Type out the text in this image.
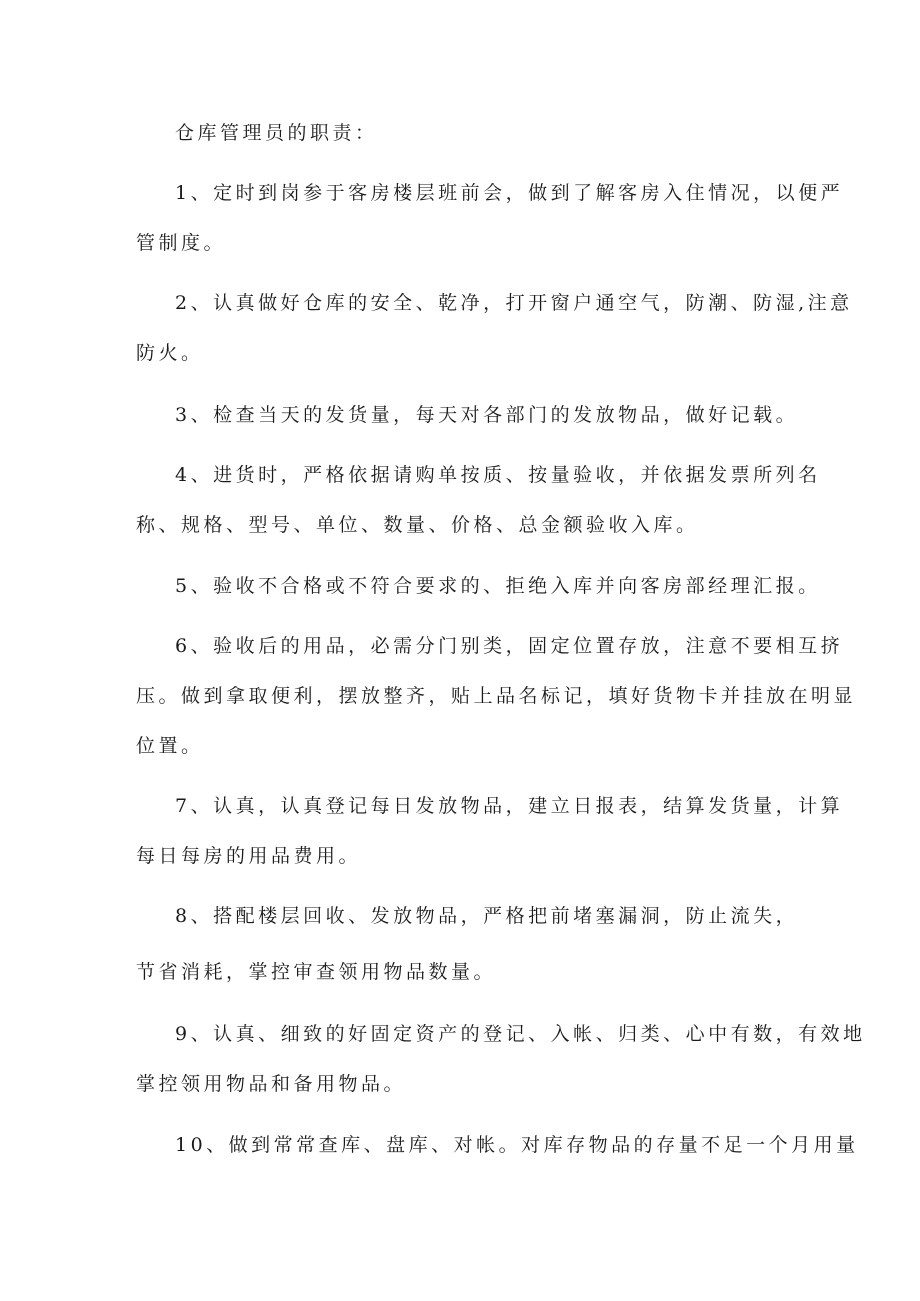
仓库管理员的职责：
1、定时到岗参于客房楼层班前会，做到了解客房入住情况，以便严
管制度。
2、认真做好仓库的安全、乾净，打开窗户通空气，防潮、防湿,注意
防火。
3、检查当天的发货量，每天对各部门的发放物品，做好记载。
4、进货时，严格依据请购单按质、按量验收，并依据发票所列名
称、规格、型号、单位、数量、价格、总金额验收入库。
5、验收不合格或不符合要求的、拒绝入库并向客房部经理汇报。
6、验收后的用品，必需分门别类，固定位置存放，注意不要相互挤
压。做到拿取便利，摆放整齐，贴上品名标记，填好货物卡并挂放在明显
位置。
7、认真，认真登记每日发放物品，建立日报表，结算发货量，计算
每日每房的用品费用。
8、搭配楼层回收、发放物品，严格把前堵塞漏洞，防止流失，
节省消耗，掌控审查领用物品数量。
9、认真、细致的好固定资产的登记、入帐、归类、心中有数，有效地
掌控领用物品和备用物品。
10、做到常常查库、盘库、对帐。对库存物品的存量不足一个月用量
